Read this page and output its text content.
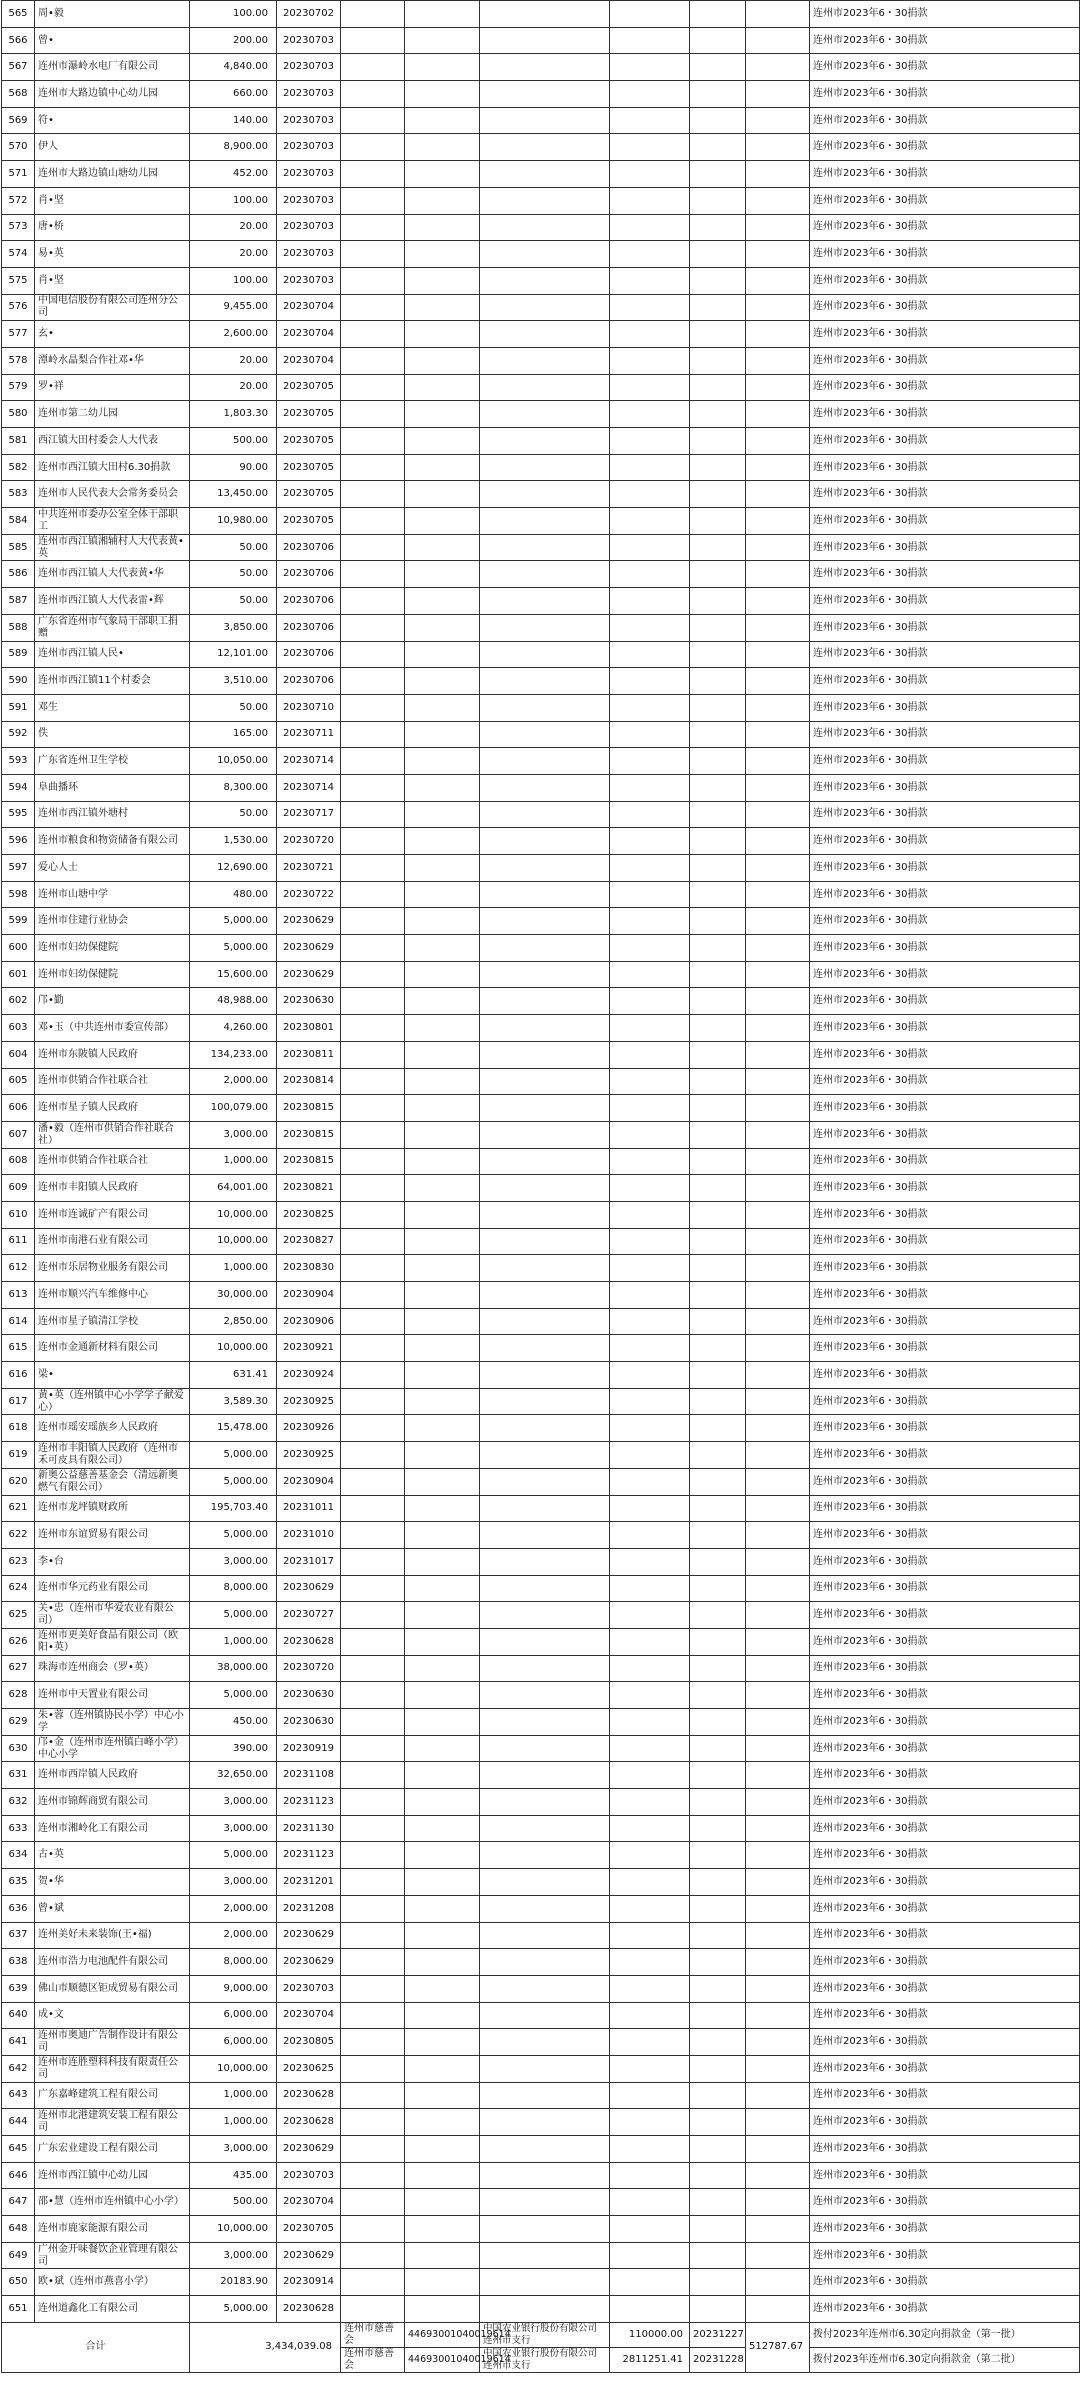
565	周•毅	100.00	20230702							连州市2023年6・30捐款
566	曾•	200.00	20230703							连州市2023年6・30捐款
567	连州市瀑岭水电厂有限公司	4,840.00	20230703							连州市2023年6・30捐款
568	连州市大路边镇中心幼儿园	660.00	20230703							连州市2023年6・30捐款
569	符•	140.00	20230703							连州市2023年6・30捐款
570	伊人	8,900.00	20230703							连州市2023年6・30捐款
571	连州市大路边镇山塘幼儿园	452.00	20230703							连州市2023年6・30捐款
572	肖•坚	100.00	20230703							连州市2023年6・30捐款
573	唐•桥	20.00	20230703							连州市2023年6・30捐款
574	易•英	20.00	20230703							连州市2023年6・30捐款
575	肖•坚	100.00	20230703							连州市2023年6・30捐款
576	中国电信股份有限公司连州分公司	9,455.00	20230704							连州市2023年6・30捐款
577	玄•	2,600.00	20230704							连州市2023年6・30捐款
578	潭岭水晶梨合作社邓•华	20.00	20230704							连州市2023年6・30捐款
579	罗•祥	20.00	20230705							连州市2023年6・30捐款
580	连州市第二幼儿园	1,803.30	20230705							连州市2023年6・30捐款
581	西江镇大田村委会人大代表	500.00	20230705							连州市2023年6・30捐款
582	连州市西江镇大田村6.30捐款	90.00	20230705							连州市2023年6・30捐款
583	连州市人民代表大会常务委员会	13,450.00	20230705							连州市2023年6・30捐款
584	中共连州市委办公室全体干部职工	10,980.00	20230705							连州市2023年6・30捐款
585	连州市西江镇湘辅村人大代表黄•英	50.00	20230706							连州市2023年6・30捐款
586	连州市西江镇人大代表黄•华	50.00	20230706							连州市2023年6・30捐款
587	连州市西江镇人大代表雷•辉	50.00	20230706							连州市2023年6・30捐款
588	广东省连州市气象局干部职工捐赠	3,850.00	20230706							连州市2023年6・30捐款
589	连州市西江镇人民•	12,101.00	20230706							连州市2023年6・30捐款
590	连州市西江镇11个村委会	3,510.00	20230706							连州市2023年6・30捐款
591	邓生	50.00	20230710							连州市2023年6・30捐款
592	佚	165.00	20230711							连州市2023年6・30捐款
593	广东省连州卫生学校	10,050.00	20230714							连州市2023年6・30捐款
594	阜曲播环	8,300.00	20230714							连州市2023年6・30捐款
595	连州市西江镇外塘村	50.00	20230717							连州市2023年6・30捐款
596	连州市粮食和物资储备有限公司	1,530.00	20230720							连州市2023年6・30捐款
597	爱心人士	12,690.00	20230721							连州市2023年6・30捐款
598	连州市山塘中学	480.00	20230722							连州市2023年6・30捐款
599	连州市住建行业协会	5,000.00	20230629							连州市2023年6・30捐款
600	连州市妇幼保健院	5,000.00	20230629							连州市2023年6・30捐款
601	连州市妇幼保健院	15,600.00	20230629							连州市2023年6・30捐款
602	邝•勤	48,988.00	20230630							连州市2023年6・30捐款
603	邓•玉（中共连州市委宣传部）	4,260.00	20230801							连州市2023年6・30捐款
604	连州市东陂镇人民政府	134,233.00	20230811							连州市2023年6・30捐款
605	连州市供销合作社联合社	2,000.00	20230814							连州市2023年6・30捐款
606	连州市星子镇人民政府	100,079.00	20230815							连州市2023年6・30捐款
607	潘•毅（连州市供销合作社联合社）	3,000.00	20230815							连州市2023年6・30捐款
608	连州市供销合作社联合社	1,000.00	20230815							连州市2023年6・30捐款
609	连州市丰阳镇人民政府	64,001.00	20230821							连州市2023年6・30捐款
610	连州市连诚矿产有限公司	10,000.00	20230825							连州市2023年6・30捐款
611	连州市南港石业有限公司	10,000.00	20230827							连州市2023年6・30捐款
612	连州市乐居物业服务有限公司	1,000.00	20230830							连州市2023年6・30捐款
613	连州市顺兴汽车维修中心	30,000.00	20230904							连州市2023年6・30捐款
614	连州市星子镇清江学校	2,850.00	20230906							连州市2023年6・30捐款
615	连州市金通新材料有限公司	10,000.00	20230921							连州市2023年6・30捐款
616	梁•	631.41	20230924							连州市2023年6・30捐款
617	黄•英（连州镇中心小学学子献爱心）	3,589.30	20230925							连州市2023年6・30捐款
618	连州市瑶安瑶族乡人民政府	15,478.00	20230926							连州市2023年6・30捐款
619	连州市丰阳镇人民政府（连州市禾可皮具有限公司）	5,000.00	20230925							连州市2023年6・30捐款
620	新奥公益慈善基金会（清远新奥燃气有限公司）	5,000.00	20230904							连州市2023年6・30捐款
621	连州市龙坪镇财政所	195,703.40	20231011							连州市2023年6・30捐款
622	连州市东谊贸易有限公司	5,000.00	20231010							连州市2023年6・30捐款
623	李•台	3,000.00	20231017							连州市2023年6・30捐款
624	连州市华元药业有限公司	8,000.00	20230629							连州市2023年6・30捐款
625	关•忠（连州市华爱农业有限公司）	5,000.00	20230727							连州市2023年6・30捐款
626	连州市更美好食品有限公司（欧阳•英）	1,000.00	20230628							连州市2023年6・30捐款
627	珠海市连州商会（罗•英）	38,000.00	20230720							连州市2023年6・30捐款
628	连州市中天置业有限公司	5,000.00	20230630							连州市2023年6・30捐款
629	朱•蓉（连州镇协民小学）中心小学	450.00	20230630							连州市2023年6・30捐款
630	邝•金（连州市连州镇白峰小学）中心小学	390.00	20230919							连州市2023年6・30捐款
631	连州市西岸镇人民政府	32,650.00	20231108							连州市2023年6・30捐款
632	连州市锦辉商贸有限公司	3,000.00	20231123							连州市2023年6・30捐款
633	连州市湘岭化工有限公司	3,000.00	20231130							连州市2023年6・30捐款
634	古•英	5,000.00	20231123							连州市2023年6・30捐款
635	贺•华	3,000.00	20231201							连州市2023年6・30捐款
636	曾•斌	2,000.00	20231208							连州市2023年6・30捐款
637	连州美好未来装饰(王•福)	2,000.00	20230629							连州市2023年6・30捐款
638	连州市浩力电池配件有限公司	8,000.00	20230629							连州市2023年6・30捐款
639	佛山市顺德区钜成贸易有限公司	9,000.00	20230703							连州市2023年6・30捐款
640	成•文	6,000.00	20230704							连州市2023年6・30捐款
641	连州市奥迪广告制作设计有限公司	6,000.00	20230805							连州市2023年6・30捐款
642	连州市连胜塑料科技有限责任公司	10,000.00	20230625							连州市2023年6・30捐款
643	广东嘉峰建筑工程有限公司	1,000.00	20230628							连州市2023年6・30捐款
644	连州市北港建筑安装工程有限公司	1,000.00	20230628							连州市2023年6・30捐款
645	广东宏业建设工程有限公司	3,000.00	20230629							连州市2023年6・30捐款
646	连州市西江镇中心幼儿园	435.00	20230703							连州市2023年6・30捐款
647	邵•慧（连州市连州镇中心小学）	500.00	20230704							连州市2023年6・30捐款
648	连州市鹿家能源有限公司	10,000.00	20230705							连州市2023年6・30捐款
649	广州金开味餐饮企业管理有限公司	3,000.00	20230629							连州市2023年6・30捐款
650	欧•斌（连州市燕喜小学）	20183.90	20230914							连州市2023年6・30捐款
651	连州道鑫化工有限公司	5,000.00	20230628							连州市2023年6・30捐款
合计		3,434,039.08		连州市慈善会	44693001040019614	中国农业银行股份有限公司连州市支行	110000.00	20231227	512787.67	拨付2023年连州市6.30定向捐款金（第一批）
				连州市慈善会	44693001040019614	中国农业银行股份有限公司连州市支行	2811251.41	20231228		拨付2023年连州市6.30定向捐款金（第二批）
